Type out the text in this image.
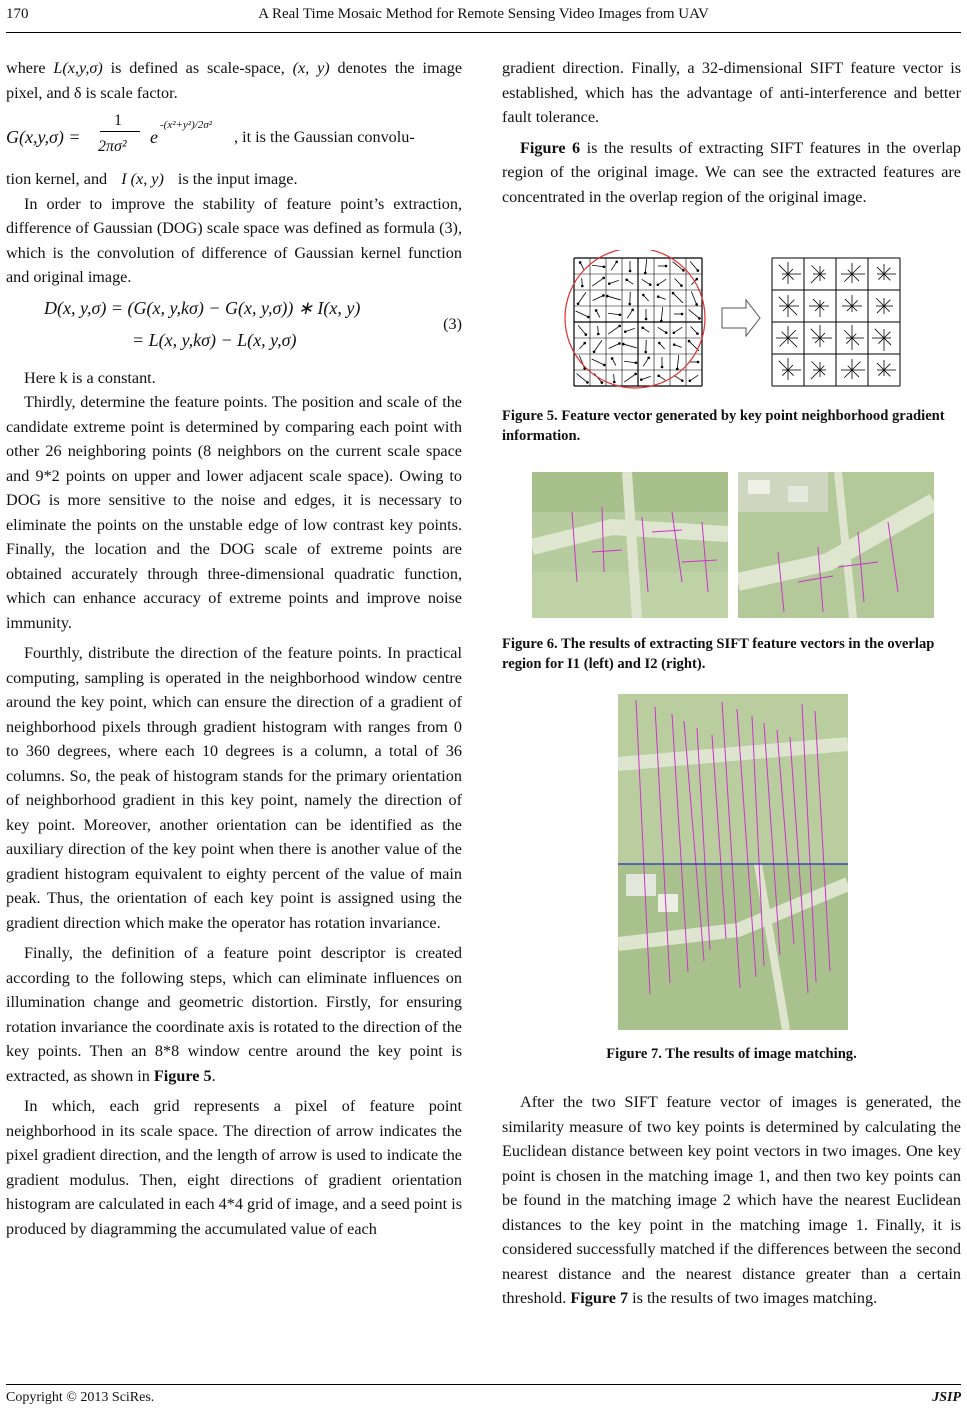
170	A Real Time Mosaic Method for Remote Sensing Video Images from UAV

where L(x,y,σ) is defined as scale-space, (x, y) denotes the image pixel, and δ is scale factor.

G(x,y,σ) =
1
2πσ² e
-(x²+y²)/2σ²
, it is the Gaussian convolu-

tion kernel, and I (x, y) is the input image.

In order to improve the stability of feature point’s extraction, difference of Gaussian (DOG) scale space was defined as formula (3), which is the convolution of difference of Gaussian kernel function and original image.

D(x, y,σ) = (G(x, y,kσ) − G(x, y,σ)) ∗ I(x, y)
= L(x, y,kσ) − L(x, y,σ)
(3)

Here k is a constant.

Thirdly, determine the feature points. The position and scale of the candidate extreme point is determined by comparing each point with other 26 neighboring points (8 neighbors on the current scale space and 9*2 points on upper and lower adjacent scale space). Owing to DOG is more sensitive to the noise and edges, it is necessary to eliminate the points on the unstable edge of low contrast key points. Finally, the location and the DOG scale of extreme points are obtained accurately through three-dimensional quadratic function, which can enhance accuracy of extreme points and improve noise immunity.

Fourthly, distribute the direction of the feature points. In practical computing, sampling is operated in the neighborhood window centre around the key point, which can ensure the direction of a gradient of neighborhood pixels through gradient histogram with ranges from 0 to 360 degrees, where each 10 degrees is a column, a total of 36 columns. So, the peak of histogram stands for the primary orientation of neighborhood gradient in this key point, namely the direction of key point. Moreover, another orientation can be identified as the auxiliary direction of the key point when there is another value of the gradient histogram equivalent to eighty percent of the value of main peak. Thus, the orientation of each key point is assigned using the gradient direction which make the operator has rotation invariance.

Finally, the definition of a feature point descriptor is created according to the following steps, which can eliminate influences on illumination change and geometric distortion. Firstly, for ensuring rotation invariance the coordinate axis is rotated to the direction of the key points. Then an 8*8 window centre around the key point is extracted, as shown in Figure 5.

In which, each grid represents a pixel of feature point neighborhood in its scale space. The direction of arrow indicates the pixel gradient direction, and the length of arrow is used to indicate the gradient modulus. Then, eight directions of gradient orientation histogram are calculated in each 4*4 grid of image, and a seed point is produced by diagramming the accumulated value of each

gradient direction. Finally, a 32-dimensional SIFT feature vector is established, which has the advantage of anti-interference and better fault tolerance.

Figure 6 is the results of extracting SIFT features in the overlap region of the original image. We can see the extracted features are concentrated in the overlap region of the original image.

Figure 5. Feature vector generated by key point neighborhood gradient information.
Figure 6. The results of extracting SIFT feature vectors in the overlap region for I1 (left) and I2 (right).
Figure 7. The results of image matching.

After the two SIFT feature vector of images is generated, the similarity measure of two key points is determined by calculating the Euclidean distance between key point vectors in two images. One key point is chosen in the matching image 1, and then two key points can be found in the matching image 2 which have the nearest Euclidean distances to the key point in the matching image 1. Finally, it is considered successfully matched if the differences between the second nearest distance and the nearest distance greater than a certain threshold. Figure 7 is the results of two images matching.

Copyright © 2013 SciRes.	JSIP
